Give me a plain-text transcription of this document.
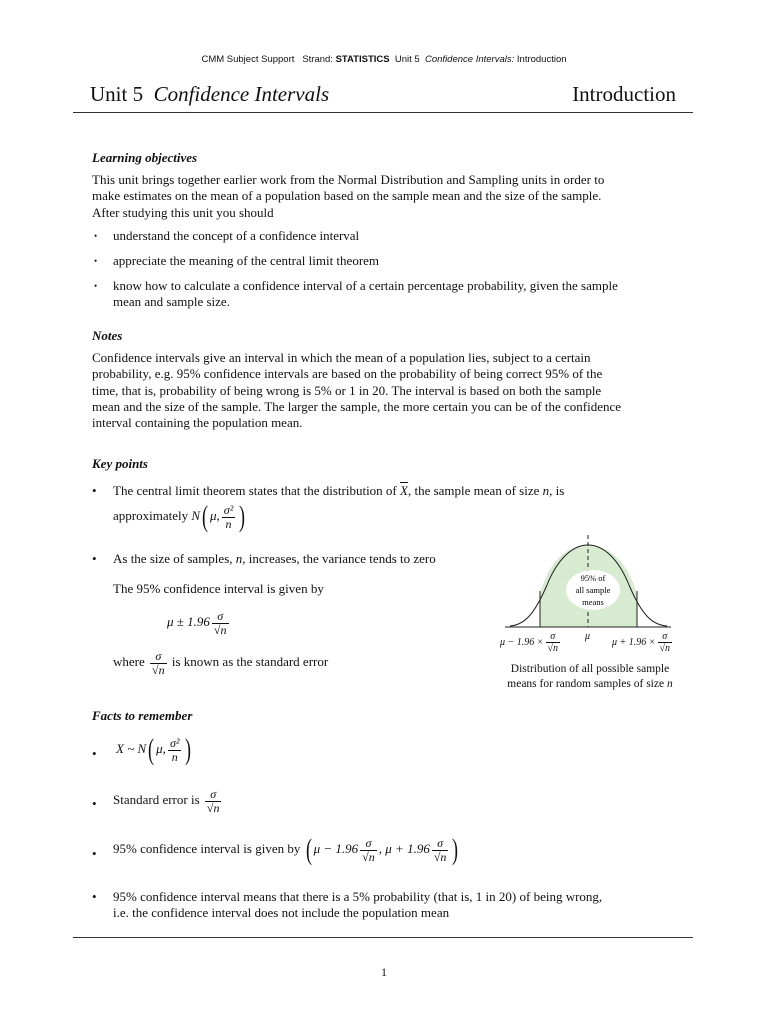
CMM Subject Support Strand: STATISTICS Unit 5 Confidence Intervals: Introduction
Unit 5 Confidence Intervals	Introduction
Learning objectives
This unit brings together earlier work from the Normal Distribution and Sampling units in order to
make estimates on the mean of a population based on the sample mean and the size of the sample.
After studying this unit you should
• understand the concept of a confidence interval
• appreciate the meaning of the central limit theorem
• know how to calculate a confidence interval of a certain percentage probability, given the sample
mean and sample size.
Notes
Confidence intervals give an interval in which the mean of a population lies, subject to a certain
probability, e.g. 95% confidence intervals are based on the probability of being correct 95% of the
time, that is, probability of being wrong is 5% or 1 in 20. The interval is based on both the sample
mean and the size of the sample. The larger the sample, the more certain you can be of the confidence
interval containing the population mean.
Key points
• The central limit theorem states that the distribution of $\overline{X}$, the sample mean of size n, is
approximately N( μ, $\frac{\text{σ²}}{n}$ )
• As the size of samples, n, increases, the variance tends to zero
The 95% confidence interval is given by
$\mu \pm 1.96 \frac{\sigma}{√n}$
where $\frac{\sigma}{√n}$ is known as the standard error
95% of
all sample
means
$\mu - 1.96 \times \frac{\sigma}{√n}$ μ
$\mu + 1.96 \times \frac{\sigma}{√n}$
Distribution of all possible sample
means for random samples of size n
Facts to remember
• X ~ N( μ, $\frac{\text{σ²}}{n}$ )
• Standard error is $\frac{\sigma}{√n}$
• 95% confidence interval is given by ( $\mu - 1.96 \frac{\sigma}{√n}$ , $\mu + 1.96 \frac{\sigma}{√n}$ )
• 95% confidence interval means that there is a 5% probability (that is, 1 in 20) of being wrong,
i.e. the confidence interval does not include the population mean
1
